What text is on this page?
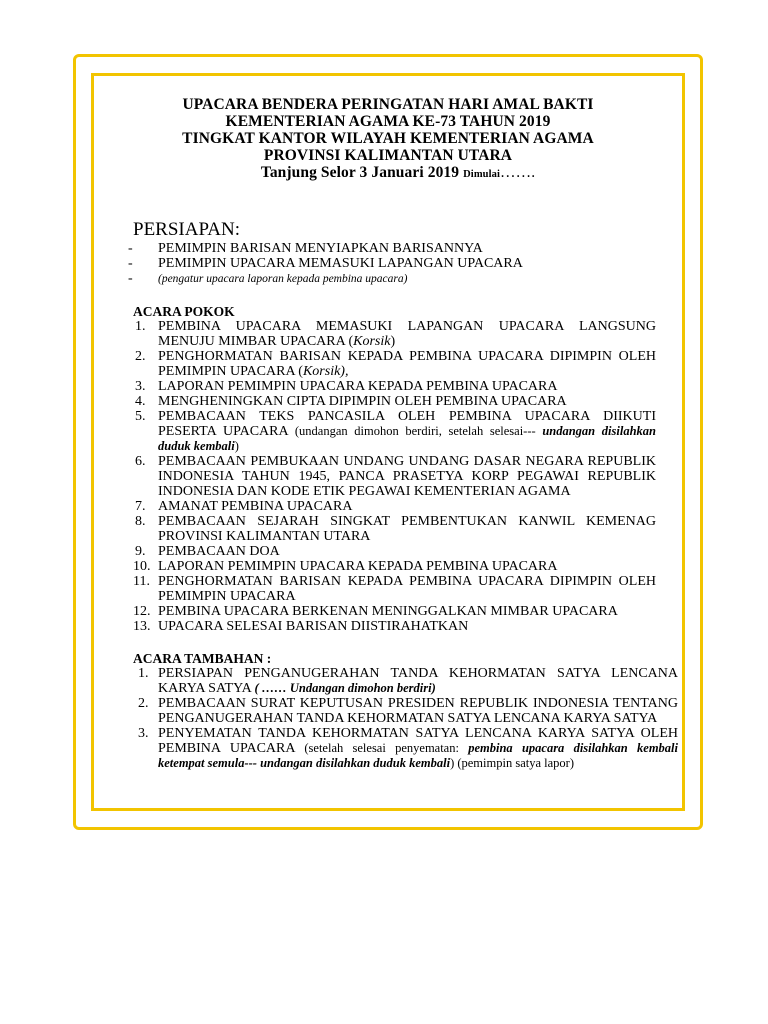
UPACARA BENDERA PERINGATAN HARI AMAL BAKTI
KEMENTERIAN AGAMA KE-73 TAHUN 2019
TINGKAT KANTOR WILAYAH KEMENTERIAN AGAMA
PROVINSI KALIMANTAN UTARA
Tanjung Selor 3 Januari 2019 Dimulai…….
PERSIAPAN:
- PEMIMPIN BARISAN MENYIAPKAN BARISANNYA
- PEMIMPIN UPACARA MEMASUKI LAPANGAN UPACARA
- (pengatur upacara laporan kepada pembina upacara)
ACARA POKOK
1. PEMBINA UPACARA MEMASUKI LAPANGAN UPACARA LANGSUNG MENUJU MIMBAR UPACARA (Korsik)
2. PENGHORMATAN BARISAN KEPADA PEMBINA UPACARA DIPIMPIN OLEH PEMIMPIN UPACARA (Korsik),
3. LAPORAN PEMIMPIN UPACARA KEPADA PEMBINA UPACARA
4. MENGHENINGKAN CIPTA DIPIMPIN OLEH PEMBINA UPACARA
5. PEMBACAAN TEKS PANCASILA OLEH PEMBINA UPACARA DIIKUTI PESERTA UPACARA (undangan dimohon berdiri, setelah selesai--- undangan disilahkan duduk kembali)
6. PEMBACAAN PEMBUKAAN UNDANG UNDANG DASAR NEGARA REPUBLIK INDONESIA TAHUN 1945, PANCA PRASETYA KORP PEGAWAI REPUBLIK INDONESIA DAN KODE ETIK PEGAWAI KEMENTERIAN AGAMA
7. AMANAT PEMBINA UPACARA
8. PEMBACAAN SEJARAH SINGKAT PEMBENTUKAN KANWIL KEMENAG PROVINSI KALIMANTAN UTARA
9. PEMBACAAN DOA
10. LAPORAN PEMIMPIN UPACARA KEPADA PEMBINA UPACARA
11. PENGHORMATAN BARISAN KEPADA PEMBINA UPACARA DIPIMPIN OLEH PEMIMPIN UPACARA
12. PEMBINA UPACARA BERKENAN MENINGGALKAN MIMBAR UPACARA
13. UPACARA SELESAI BARISAN DIISTIRAHATKAN
ACARA TAMBAHAN :
1. PERSIAPAN PENGANUGERAHAN TANDA KEHORMATAN SATYA LENCANA KARYA SATYA ( …… Undangan dimohon berdiri)
2. PEMBACAAN SURAT KEPUTUSAN PRESIDEN REPUBLIK INDONESIA TENTANG PENGANUGERAHAN TANDA KEHORMATAN SATYA LENCANA KARYA SATYA
3. PENYEMATAN TANDA KEHORMATAN SATYA LENCANA KARYA SATYA OLEH PEMBINA UPACARA (setelah selesai penyematan: pembina upacara disilahkan kembali ketempat semula--- undangan disilahkan duduk kembali) (pemimpin satya lapor)
